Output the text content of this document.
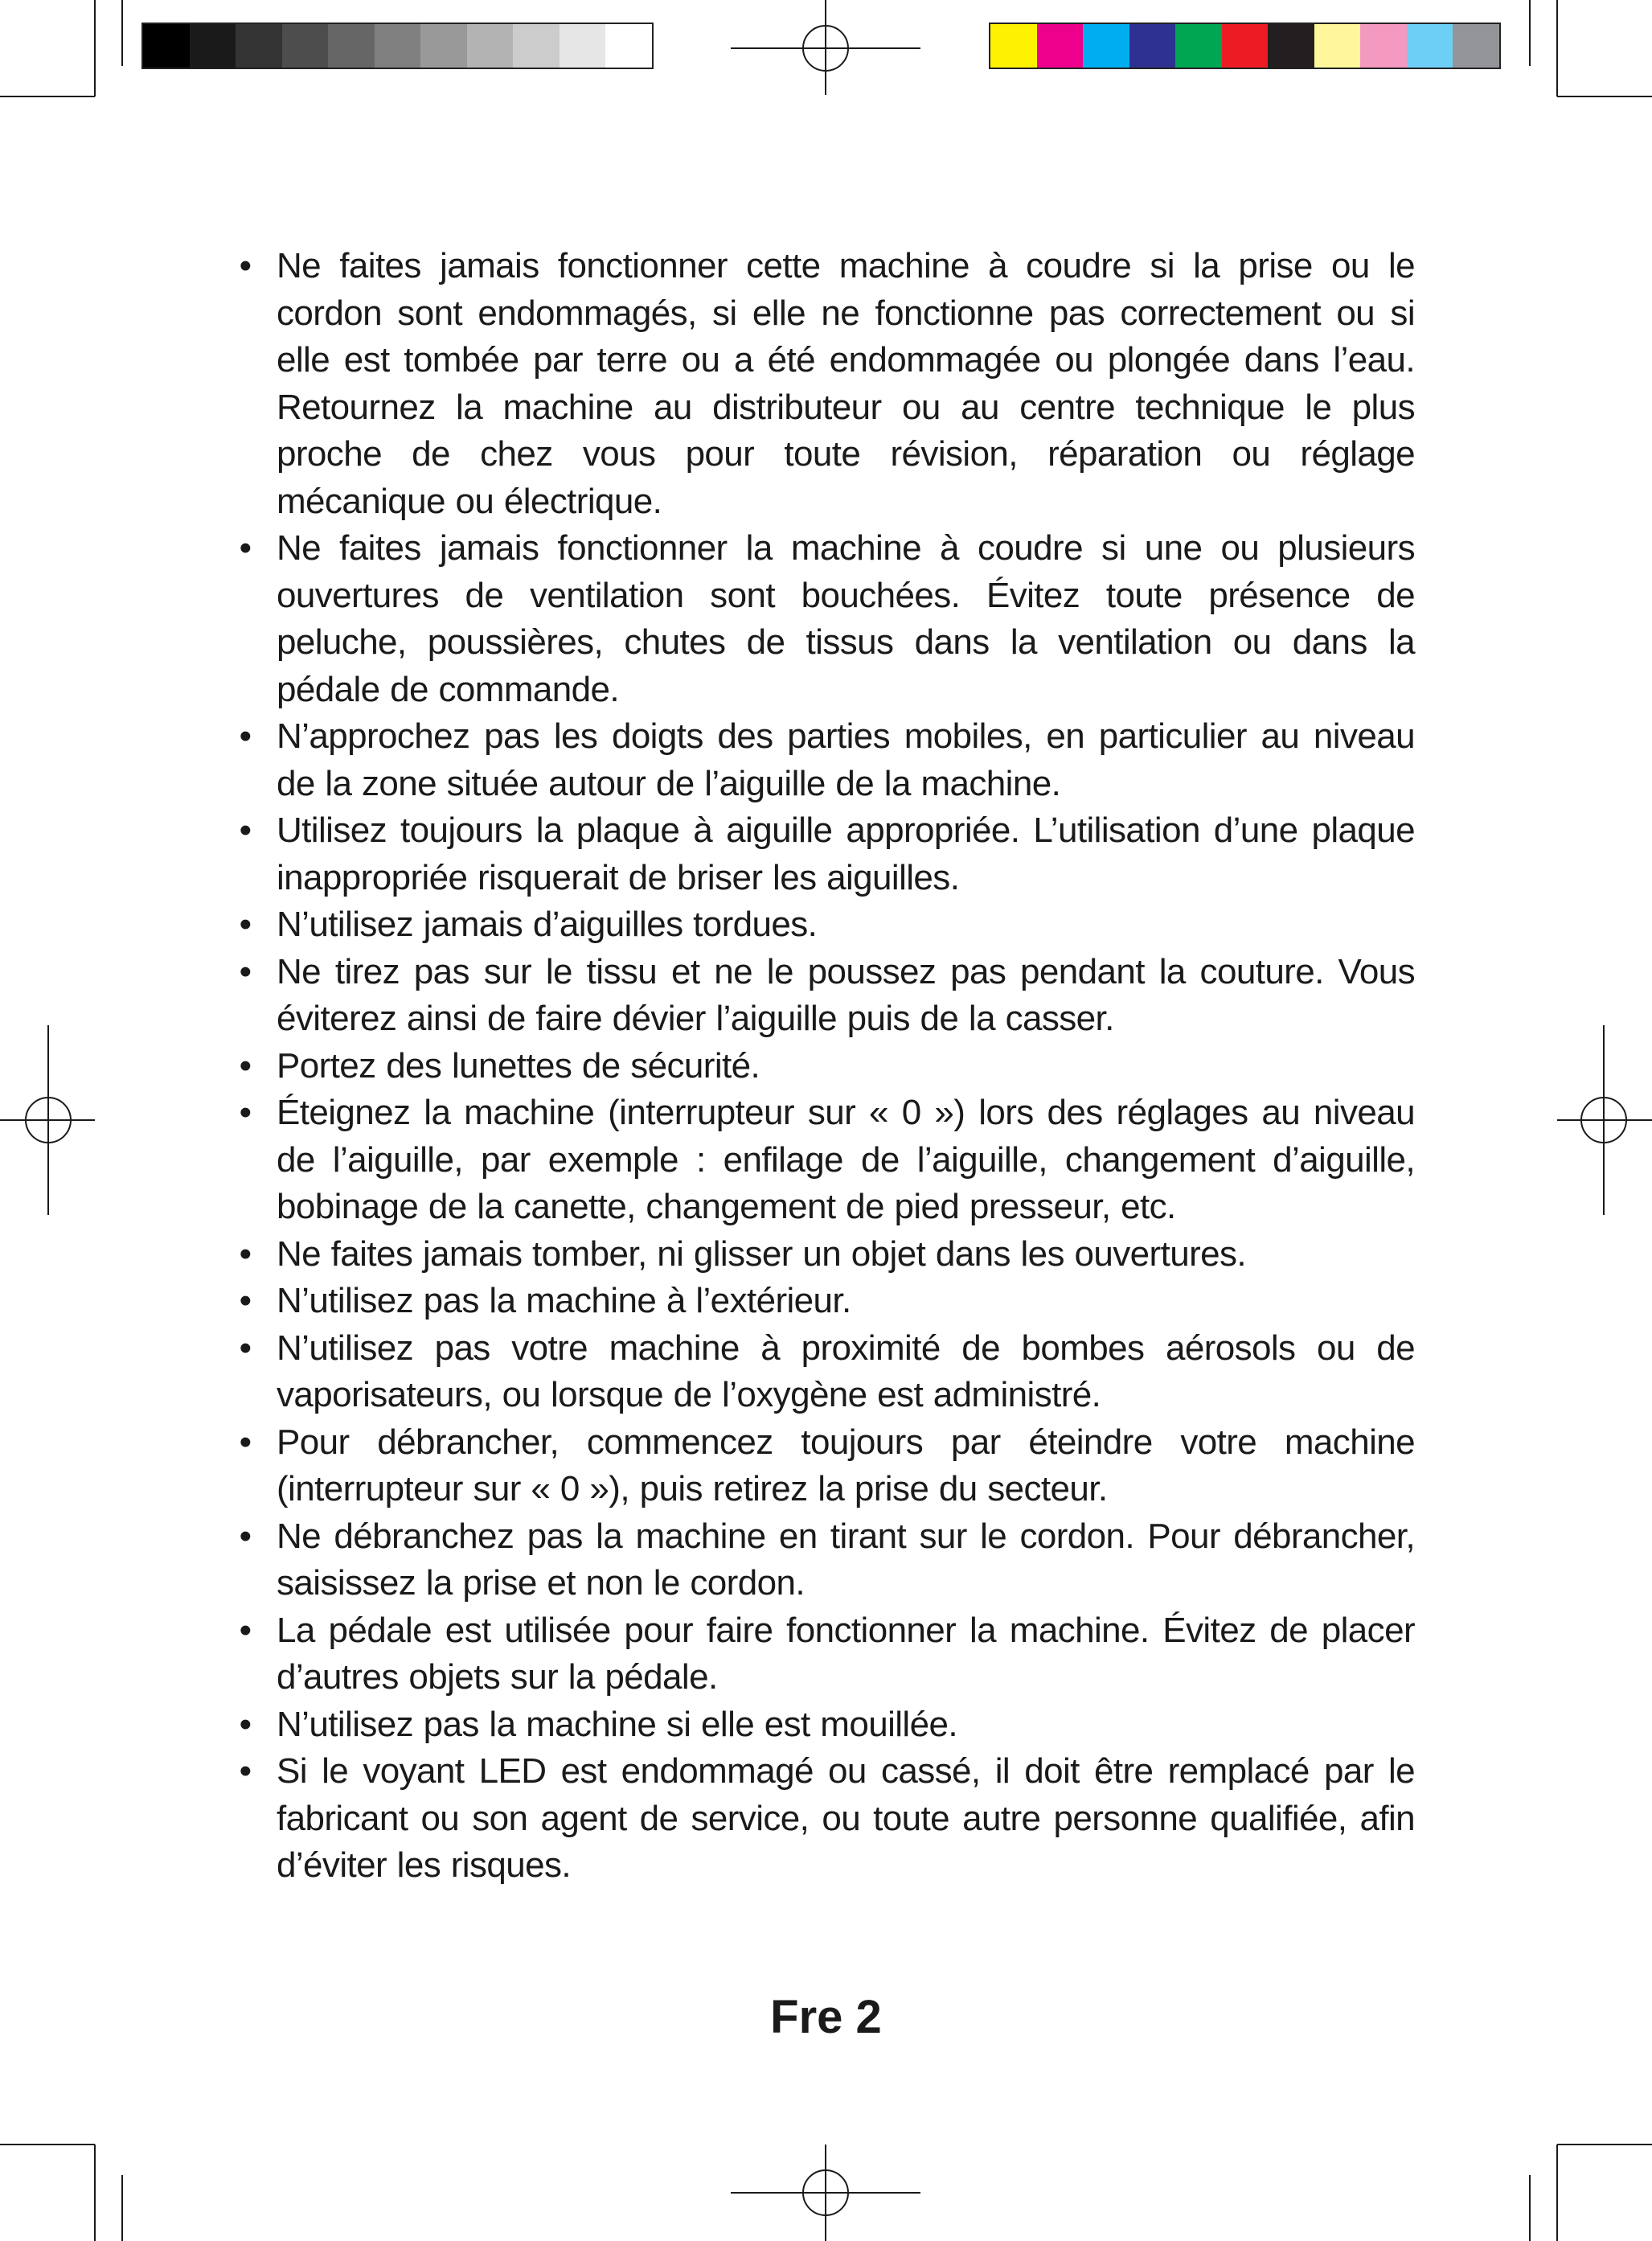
• Ne faites jamais fonctionner cette machine à coudre si la prise ou le cordon sont endommagés, si elle ne fonctionne pas correctement ou si elle est tombée par terre ou a été endommagée ou plongée dans l’eau. Retournez la machine au distributeur ou au centre technique le plus proche de chez vous pour toute révision, réparation ou réglage mécanique ou électrique.
• Ne faites jamais fonctionner la machine à coudre si une ou plusieurs ouvertures de ventilation sont bouchées. Évitez toute présence de peluche, poussières, chutes de tissus dans la ventilation ou dans la pédale de commande.
• N’approchez pas les doigts des parties mobiles, en particulier au niveau de la zone située autour de l’aiguille de la machine.
• Utilisez toujours la plaque à aiguille appropriée. L’utilisation d’une plaque inappropriée risquerait de briser les aiguilles.
• N’utilisez jamais d’aiguilles tordues.
• Ne tirez pas sur le tissu et ne le poussez pas pendant la couture. Vous éviterez ainsi de faire dévier l’aiguille puis de la casser.
• Portez des lunettes de sécurité.
• Éteignez la machine (interrupteur sur « 0 ») lors des réglages au niveau de l’aiguille, par exemple : enfilage de l’aiguille, changement d’aiguille, bobinage de la canette, changement de pied presseur, etc.
• Ne faites jamais tomber, ni glisser un objet dans les ouvertures.
• N’utilisez pas la machine à l’extérieur.
• N’utilisez pas votre machine à proximité de bombes aérosols ou de vaporisateurs, ou lorsque de l’oxygène est administré.
• Pour débrancher, commencez toujours par éteindre votre machine (interrupteur sur « 0 »), puis retirez la prise du secteur.
• Ne débranchez pas la machine en tirant sur le cordon. Pour débrancher, saisissez la prise et non le cordon.
• La pédale est utilisée pour faire fonctionner la machine. Évitez de placer d’autres objets sur la pédale.
• N’utilisez pas la machine si elle est mouillée.
• Si le voyant LED est endommagé ou cassé, il doit être remplacé par le fabricant ou son agent de service, ou toute autre personne qualifiée, afin d’éviter les risques.
Fre 2
